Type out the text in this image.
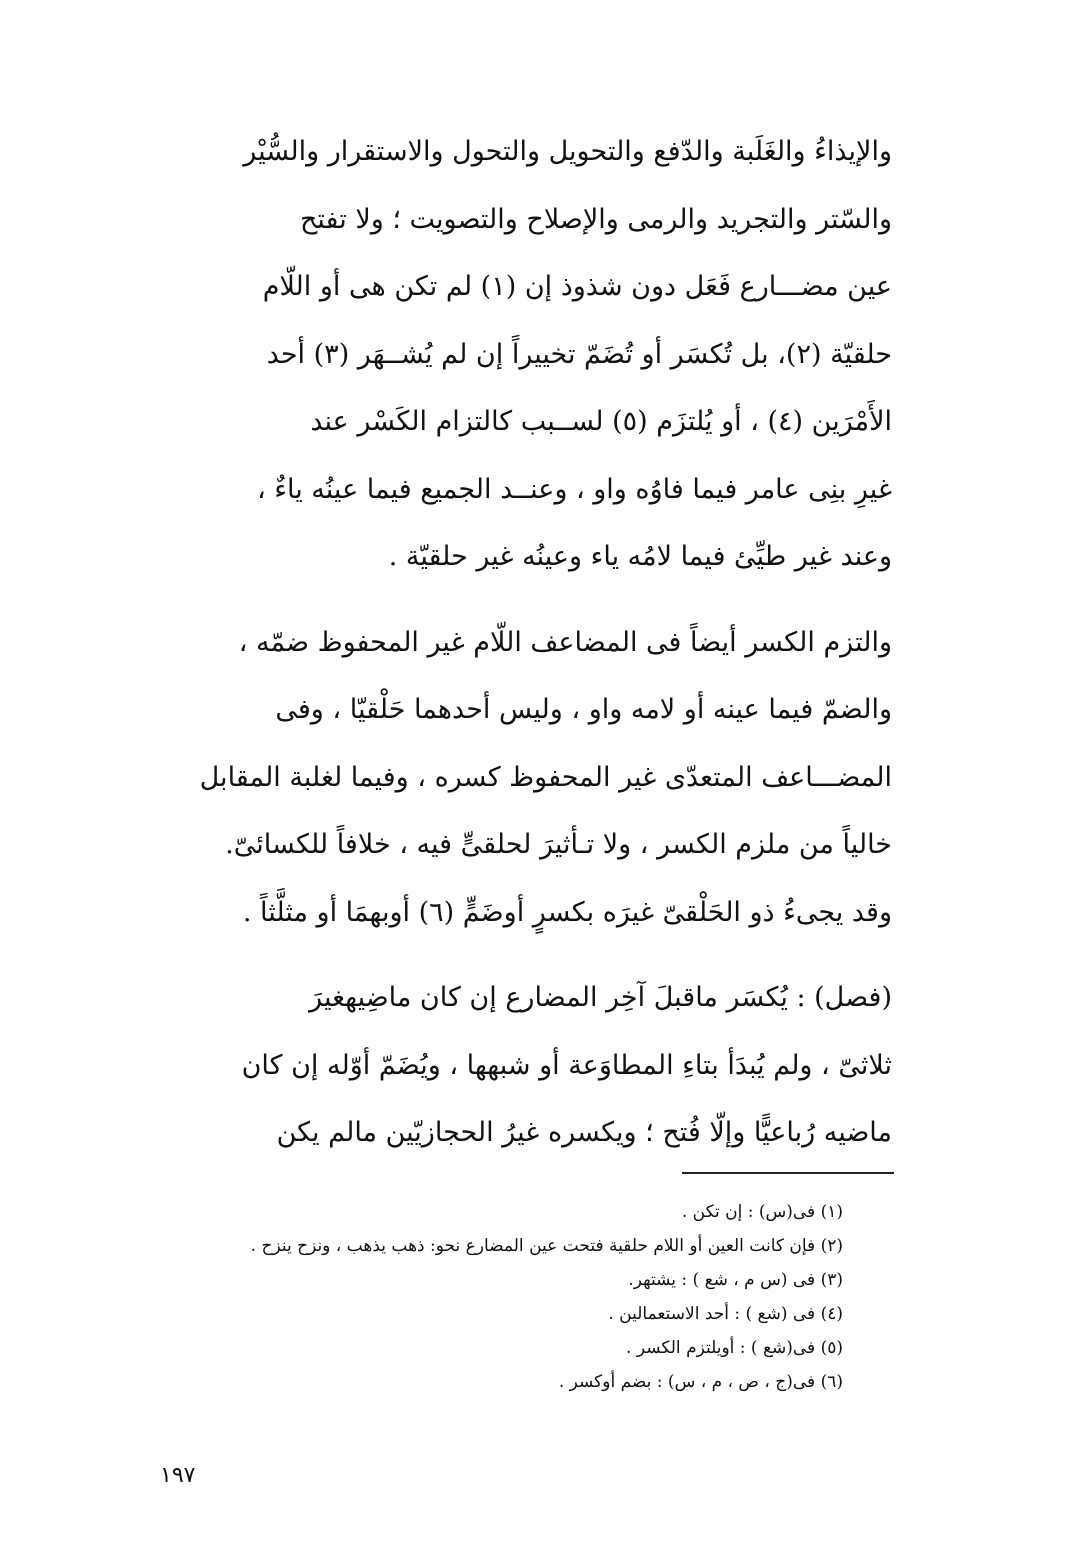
والإيذاءُ والغَلَبة والدّفع والتحويل والتحول والاستقرار والسُّيْر
والسّتر والتجريد والرمى والإصلاح والتصويت ؛ ولا تفتح
عين مضـــارع فَعَل دون شذوذ إن (١) لم تكن هى أو اللّام
حلقيّة (٢)، بل تُكسَر أو تُضَمّ تخييراً إن لم يُشــهَر (٣) أحد
الأَمْرَين (٤) ، أو يُلتزَم (٥) لســبب كالتزام الكَسْر عند
غيرِ بنِى عامر فيما فاوُه واو ، وعنــد الجميع فيما عينُه ياءٌ ،
وعند غير طيِّئ فيما لامُه ياء وعينُه غير حلقيّة .
والتزم الكسر أيضاً فى المضاعف اللّام غير المحفوظ ضمّه ،
والضمّ فيما عينه أو لامه واو ، وليس أحدهما حَلْقيّا ، وفى
المضـــاعف المتعدّى غير المحفوظ كسره ، وفيما لغلبة المقابل
خالياً من ملزم الكسر ، ولا تـأثيرَ لحلقىٍّ فيه ، خلافاً للكسائىّ.
وقد يجىءُ ذو الحَلْقىّ غيرَه بكسرٍ أوضَمٍّ (٦) أوبهمَا أو مثلَّثاً .
(فصل) : يُكسَر ماقبلَ آخِر المضارع إن كان ماضِيهغيرَ
ثلاثىّ ، ولم يُبدَأ بتاءِ المطاوَعة أو شبهها ، ويُضَمّ أوّله إن كان
ماضيه رُباعيًّا وإلّا فُتح ؛ ويكسره غيرُ الحجازيّين مالم يكن
(١) فى(س) : إن تكن .
(٢) فإن كانت العين أو اللام حلقية فتحت عين المضارع نحو: ذهب يذهب ، ونزح ينزح .
(٣) فى (س م ، شع ) : يشتهر.
(٤) فى (شع ) : أحد الاستعمالين .
(٥) فى(شع ) : أويلتزم الكسر .
(٦) فى(ج ، ص ، م ، س) : بضم أوكسر .
١٩٧
